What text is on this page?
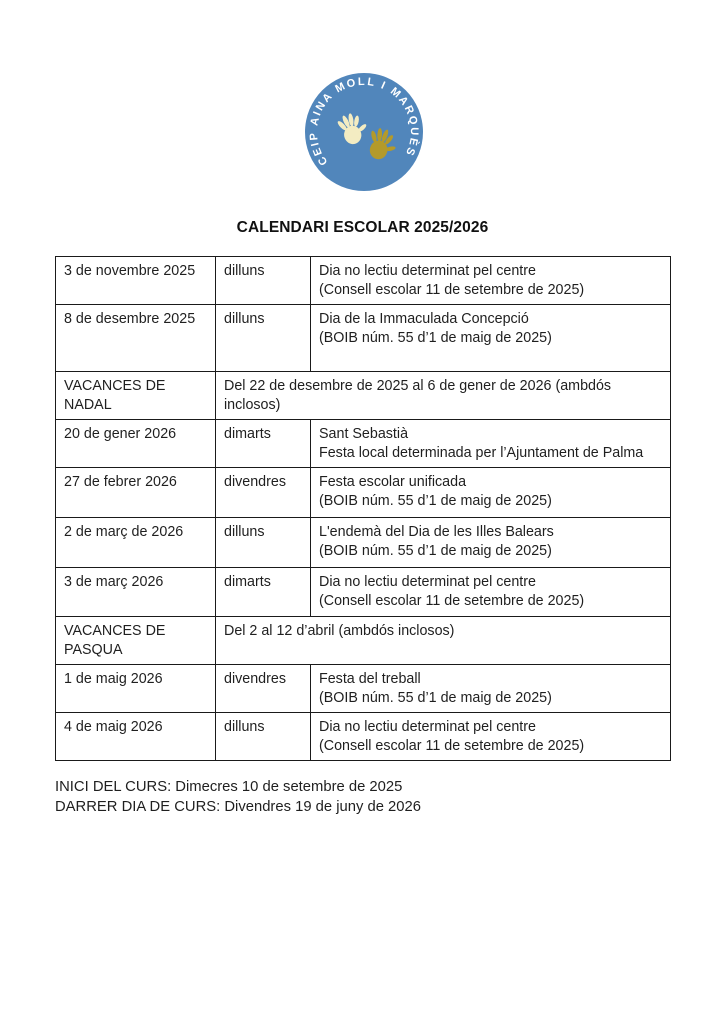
CEIP AINA MOLL I MARQUÈS
CALENDARI ESCOLAR 2025/2026
3 de novembre 2025	dilluns	Dia no lectiu determinat pel centre
(Consell escolar 11 de setembre de 2025)

8 de desembre 2025	dilluns	Dia de la Immaculada Concepció
(BOIB núm. 55 d’1 de maig de 2025)

VACANCES DE NADAL	Del 22 de desembre de 2025 al 6 de gener de 2026 (ambdós inclosos)	
20 de gener 2026	dimarts	Sant Sebastià
Festa local determinada per l’Ajuntament de Palma

27 de febrer 2026	divendres	Festa escolar unificada
(BOIB núm. 55 d’1 de maig de 2025)

2 de març de 2026	dilluns	L'endemà del Dia de les Illes Balears
(BOIB núm. 55 d’1 de maig de 2025)

3 de març 2026	dimarts	Dia no lectiu determinat pel centre
(Consell escolar 11 de setembre de 2025)

VACANCES DE PASQUA	Del 2 al 12 d’abril (ambdós inclosos)	
1 de maig 2026	divendres	Festa del treball
(BOIB núm. 55 d’1 de maig de 2025)

4 de maig 2026	dilluns	Dia no lectiu determinat pel centre
(Consell escolar 11 de setembre de 2025)
INICI DEL CURS: Dimecres 10 de setembre de 2025
DARRER DIA DE CURS: Divendres 19 de juny de 2026
